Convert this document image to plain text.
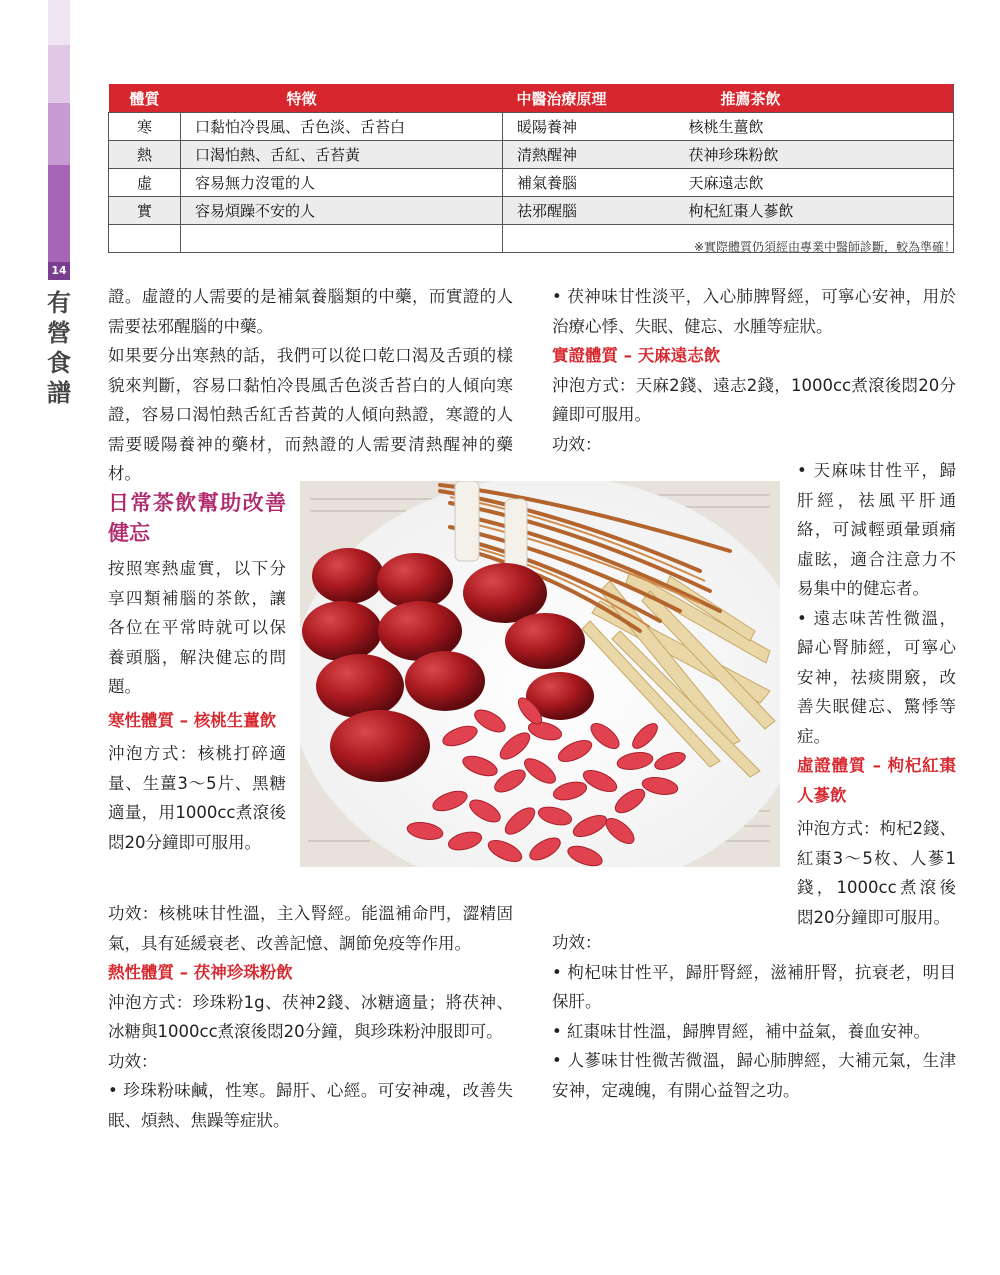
14
有
營
食
譜
體質	特徵	中醫治療原理	推薦茶飲
寒	口黏怕冷畏風、舌色淡、舌苔白	暖陽養神	核桃生薑飲
熱	口渴怕熱、舌紅、舌苔黃	清熱醒神	茯神珍珠粉飲
虛	容易無力沒電的人	補氣養腦	天麻遠志飲
實	容易煩躁不安的人	祛邪醒腦	枸杞紅棗人蔘飲

※實際體質仍須經由專業中醫師診斷，較為準確！

證。虛證的人需要的是補氣養腦類的中藥，而實證的人需要祛邪醒腦的中藥。

如果要分出寒熱的話，我們可以從口乾口渴及舌頭的樣貌來判斷，容易口黏怕冷畏風舌色淡舌苔白的人傾向寒證，容易口渴怕熱舌紅舌苔黃的人傾向熱證，寒證的人需要暖陽養神的藥材，而熱證的人需要清熱醒神的藥材。

日常茶飲幫助改善健忘

按照寒熱虛實，以下分享四類補腦的茶飲，讓各位在平常時就可以保養頭腦，解決健忘的問題。

寒性體質 – 核桃生薑飲

沖泡方式：核桃打碎適量、生薑3～5片、黑糖適量，用1000cc煮滾後悶20分鐘即可服用。

功效：核桃味甘性溫，主入腎經。能溫補命門，澀精固氣，具有延緩衰老、改善記憶、調節免疫等作用。

熱性體質 – 茯神珍珠粉飲

沖泡方式：珍珠粉1g、茯神2錢、冰糖適量；將茯神、冰糖與1000cc煮滾後悶20分鐘，與珍珠粉沖服即可。

功效：

• 珍珠粉味鹹，性寒。歸肝、心經。可安神魂，改善失眠、煩熱、焦躁等症狀。

• 茯神味甘性淡平，入心肺脾腎經，可寧心安神，用於治療心悸、失眠、健忘、水腫等症狀。

實證體質 – 天麻遠志飲

沖泡方式：天麻2錢、遠志2錢，1000cc煮滾後悶20分鐘即可服用。

功效：

• 天麻味甘性平，歸肝經，祛風平肝通絡，可減輕頭暈頭痛虛眩，適合注意力不易集中的健忘者。

• 遠志味苦性微溫，歸心腎肺經，可寧心安神，祛痰開竅，改善失眠健忘、驚悸等症。

虛證體質 – 枸杞紅棗人蔘飲

沖泡方式：枸杞2錢、紅棗3～5枚、人蔘1錢，1000cc煮滾後悶20分鐘即可服用。

功效：

• 枸杞味甘性平，歸肝腎經，滋補肝腎，抗衰老，明目保肝。

• 紅棗味甘性溫，歸脾胃經，補中益氣，養血安神。

• 人蔘味甘性微苦微溫，歸心肺脾經，大補元氣，生津安神，定魂魄，有開心益智之功。
